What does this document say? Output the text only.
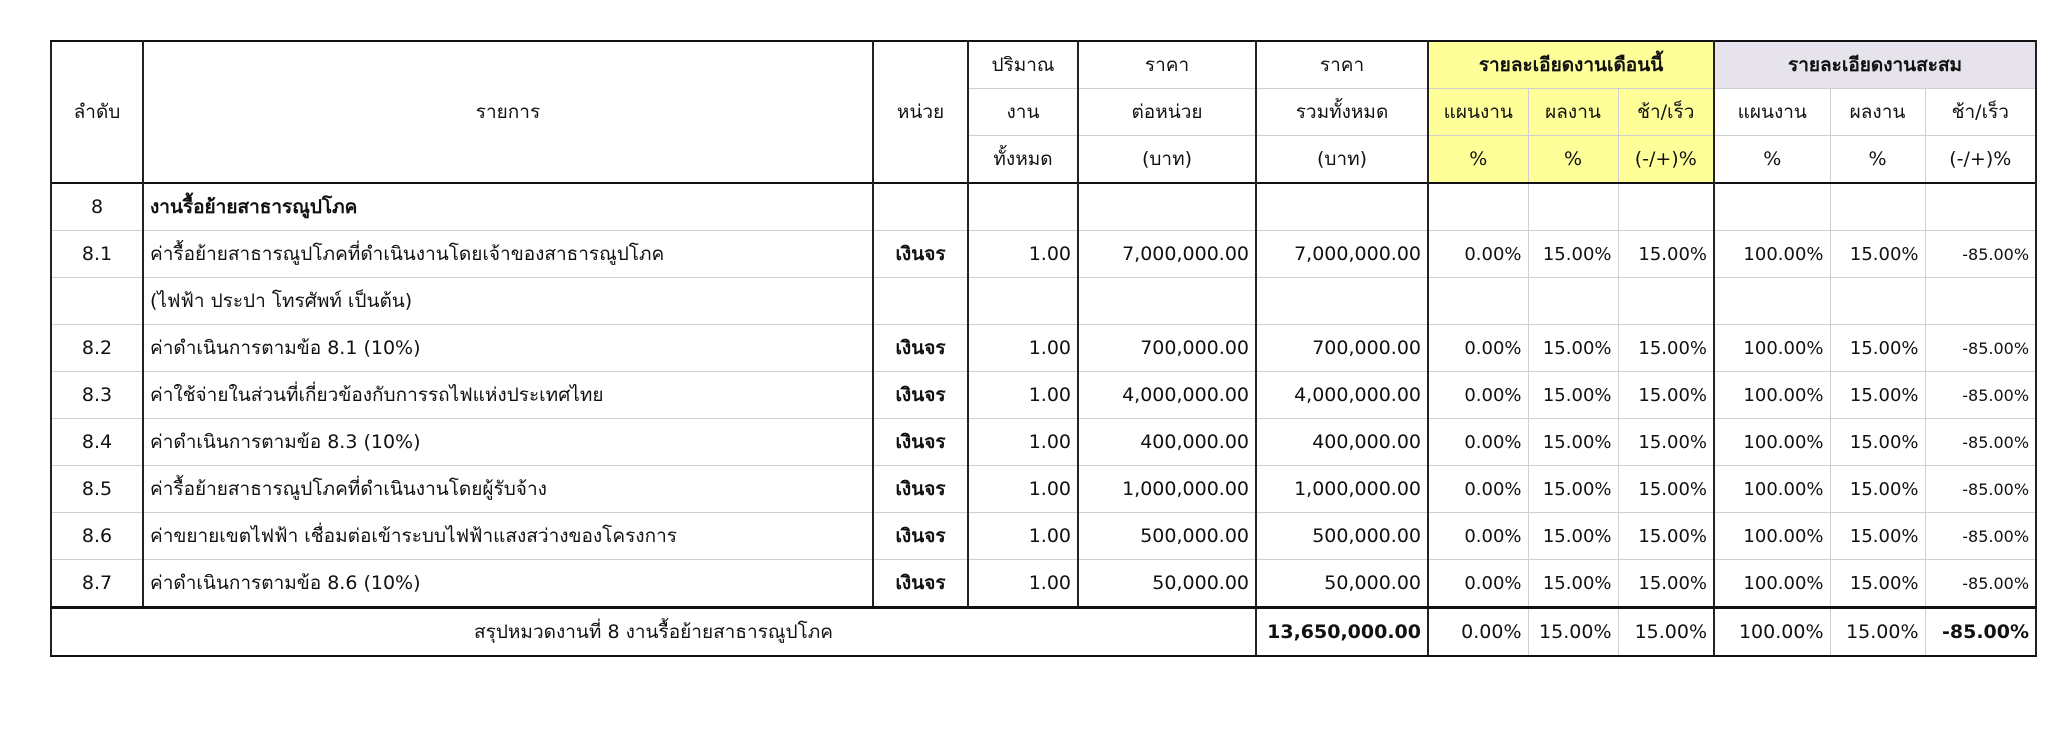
ลำดับ	รายการ	หน่วย	ปริมาณ	ราคา	ราคา	รายละเอียดงานเดือนนี้			รายละเอียดงานสะสม		
			งาน	ต่อหน่วย	รวมทั้งหมด	แผนงาน	ผลงาน	ช้า/เร็ว	แผนงาน	ผลงาน	ช้า/เร็ว
			ทั้งหมด	(บาท)	(บาท)	%	%	(-/+)%	%	%	(-/+)%
8	งานรื้อย้ายสาธารณูปโภค										
8.1	ค่ารื้อย้ายสาธารณูปโภคที่ดำเนินงานโดยเจ้าของสาธารณูปโภค	เงินจร	1.00	7,000,000.00	7,000,000.00	0.00%	15.00%	15.00%	100.00%	15.00%	-85.00%
	(ไฟฟ้า ประปา โทรศัพท์ เป็นต้น)										
8.2	ค่าดำเนินการตามข้อ 8.1 (10%)	เงินจร	1.00	700,000.00	700,000.00	0.00%	15.00%	15.00%	100.00%	15.00%	-85.00%
8.3	ค่าใช้จ่ายในส่วนที่เกี่ยวข้องกับการรถไฟแห่งประเทศไทย	เงินจร	1.00	4,000,000.00	4,000,000.00	0.00%	15.00%	15.00%	100.00%	15.00%	-85.00%
8.4	ค่าดำเนินการตามข้อ 8.3 (10%)	เงินจร	1.00	400,000.00	400,000.00	0.00%	15.00%	15.00%	100.00%	15.00%	-85.00%
8.5	ค่ารื้อย้ายสาธารณูปโภคที่ดำเนินงานโดยผู้รับจ้าง	เงินจร	1.00	1,000,000.00	1,000,000.00	0.00%	15.00%	15.00%	100.00%	15.00%	-85.00%
8.6	ค่าขยายเขตไฟฟ้า เชื่อมต่อเข้าระบบไฟฟ้าแสงสว่างของโครงการ	เงินจร	1.00	500,000.00	500,000.00	0.00%	15.00%	15.00%	100.00%	15.00%	-85.00%
8.7	ค่าดำเนินการตามข้อ 8.6 (10%)	เงินจร	1.00	50,000.00	50,000.00	0.00%	15.00%	15.00%	100.00%	15.00%	-85.00%
สรุปหมวดงานที่ 8 งานรื้อย้ายสาธารณูปโภค					13,650,000.00	0.00%	15.00%	15.00%	100.00%	15.00%	-85.00%
